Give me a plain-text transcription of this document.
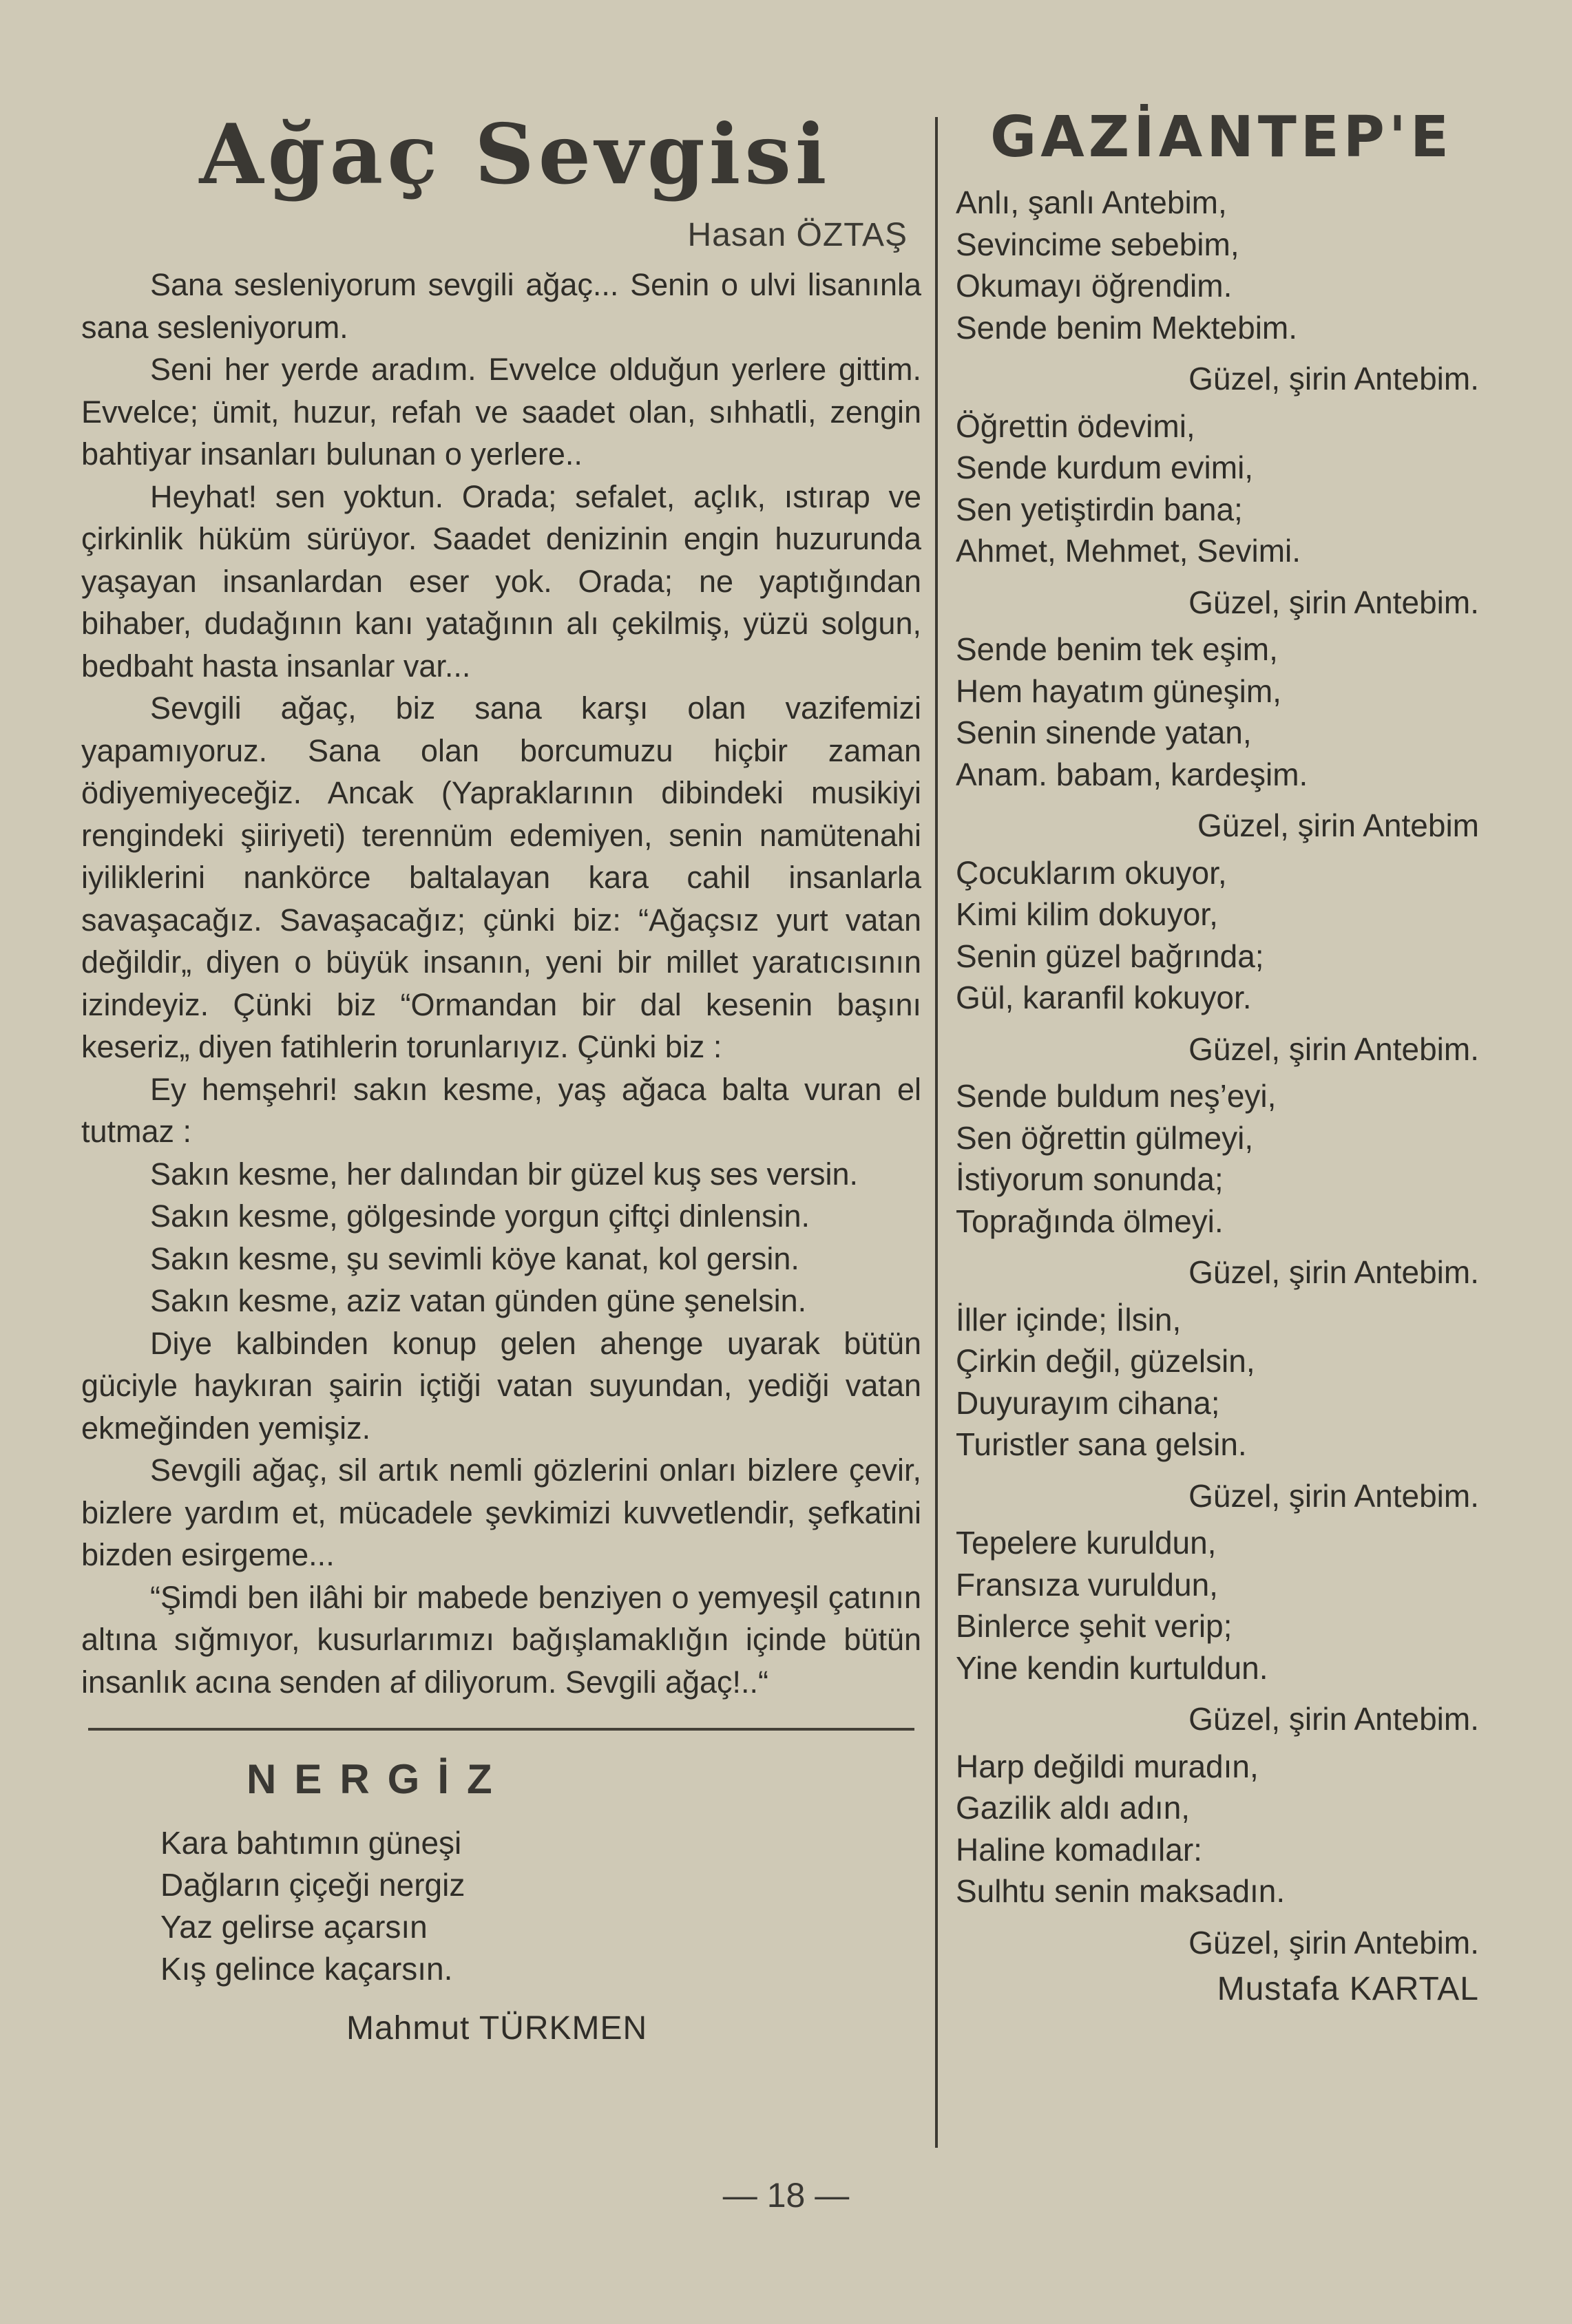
Ağaç Sevgisi
Hasan ÖZTAŞ

Sana sesleniyorum sevgili ağaç... Senin o ulvi lisanınla sana sesleniyorum.

Seni her yerde aradım. Evvelce olduğun yerlere gittim. Evvelce; ümit, huzur, refah ve saadet olan, sıhhatli, zengin bahtiyar insanları bulunan o yerlere..

Heyhat! sen yoktun. Orada; sefalet, açlık, ıstırap ve çirkinlik hüküm sürüyor. Saadet denizinin engin huzurunda yaşayan insanlardan eser yok. Orada; ne yaptığından bihaber, dudağının kanı yatağının alı çekilmiş, yüzü solgun, bedbaht hasta insanlar var...

Sevgili ağaç, biz sana karşı olan vazifemizi yapamıyoruz. Sana olan borcumuzu hiçbir zaman ödiyemiyeceğiz. Ancak (Yapraklarının dibindeki musikiyi rengindeki şiiriyeti) terennüm edemiyen, senin namütenahi iyiliklerini nankörce baltalayan kara cahil insanlarla savaşacağız. Savaşacağız; çünki biz: “Ağaçsız yurt vatan değildir„ diyen o büyük insanın, yeni bir millet yaratıcısının izindeyiz. Çünki biz “Ormandan bir dal kesenin başını keseriz„ diyen fatihlerin torunlarıyız. Çünki biz :

Ey hemşehri! sakın kesme, yaş ağaca balta vuran el tutmaz :

Sakın kesme, her dalından bir güzel kuş ses versin.

Sakın kesme, gölgesinde yorgun çiftçi dinlensin.

Sakın kesme, şu sevimli köye kanat, kol gersin.

Sakın kesme, aziz vatan günden güne şenelsin.

Diye kalbinden konup gelen ahenge uyarak bütün güciyle haykıran şairin içtiği vatan suyundan, yediği vatan ekmeğinden yemişiz.

Sevgili ağaç, sil artık nemli gözlerini onları bizlere çevir, bizlere yardım et, mücadele şevkimizi kuvvetlendir, şefkatini bizden esirgeme...

“Şimdi ben ilâhi bir mabede benziyen o yemyeşil çatının altına sığmıyor, kusurlarımızı bağışlamaklığın içinde bütün insanlık acına senden af diliyorum. Sevgili ağaç!..“

NERGİZ
Kara bahtımın güneşi
Dağların çiçeği nergiz
Yaz gelirse açarsın
Kış gelince kaçarsın.
Mahmut TÜRKMEN
GAZİANTEP'E
Anlı, şanlı Antebim,
Sevincime sebebim,
Okumayı öğrendim.
Sende benim Mektebim.
Güzel, şirin Antebim.
Öğrettin ödevimi,
Sende kurdum evimi,
Sen yetiştirdin bana;
Ahmet, Mehmet, Sevimi.
Güzel, şirin Antebim.
Sende benim tek eşim,
Hem hayatım güneşim,
Senin sinende yatan,
Anam. babam, kardeşim.
Güzel, şirin Antebim
Çocuklarım okuyor,
Kimi kilim dokuyor,
Senin güzel bağrında;
Gül, karanfil kokuyor.
Güzel, şirin Antebim.
Sende buldum neş’eyi,
Sen öğrettin gülmeyi,
İstiyorum sonunda;
Toprağında ölmeyi.
Güzel, şirin Antebim.
İller içinde; İlsin,
Çirkin değil, güzelsin,
Duyurayım cihana;
Turistler sana gelsin.
Güzel, şirin Antebim.
Tepelere kuruldun,
Fransıza vuruldun,
Binlerce şehit verip;
Yine kendin kurtuldun.
Güzel, şirin Antebim.
Harp değildi muradın,
Gazilik aldı adın,
Haline komadılar:
Sulhtu senin maksadın.
Güzel, şirin Antebim.
Mustafa KARTAL
— 18 —
